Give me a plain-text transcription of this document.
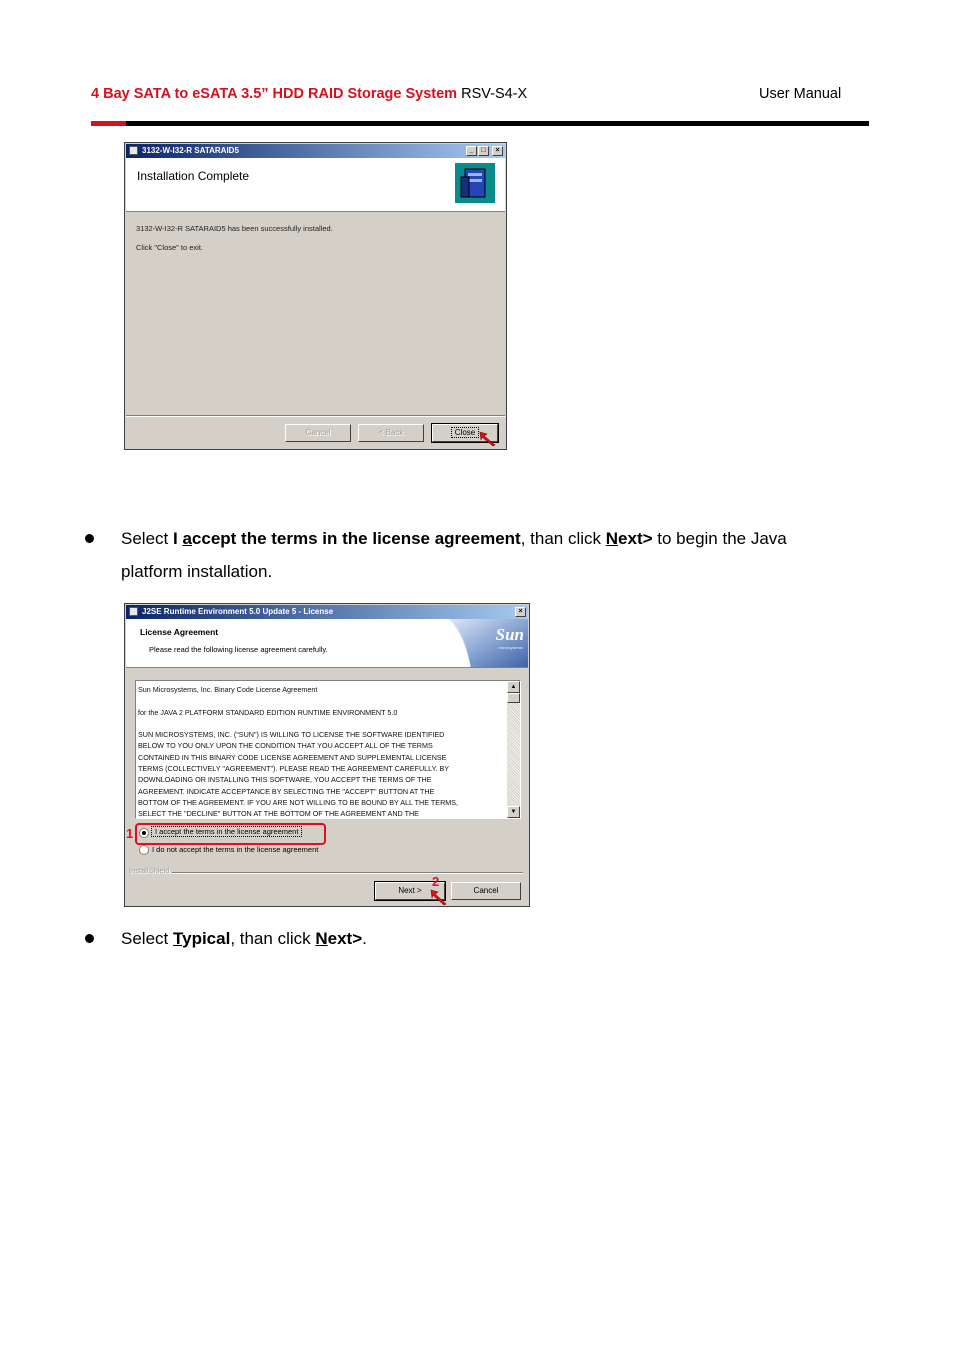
4 Bay SATA to eSATA 3.5” HDD RAID Storage System RSV-S4-X	User Manual
3132-W-I32-R SATARAID5	_	□	×
Installation Complete
3132-W-I32-R SATARAID5 has been successfully installed.
Click "Close" to exit.
Cancel	< Back	Close
Select I accept the terms in the license agreement, than click Next> to begin the Java
platform installation.
J2SE Runtime Environment 5.0 Update 5 - License	×
License Agreement
Please read the following license agreement carefully.
Sun
microsystems
Sun Microsystems, Inc. Binary Code License Agreement
for the JAVA 2 PLATFORM STANDARD EDITION RUNTIME ENVIRONMENT 5.0
SUN MICROSYSTEMS, INC. ("SUN") IS WILLING TO LICENSE THE SOFTWARE IDENTIFIED
BELOW TO YOU ONLY UPON THE CONDITION THAT YOU ACCEPT ALL OF THE TERMS
CONTAINED IN THIS BINARY CODE LICENSE AGREEMENT AND SUPPLEMENTAL LICENSE
TERMS (COLLECTIVELY "AGREEMENT"). PLEASE READ THE AGREEMENT CAREFULLY. BY
DOWNLOADING OR INSTALLING THIS SOFTWARE, YOU ACCEPT THE TERMS OF THE
AGREEMENT. INDICATE ACCEPTANCE BY SELECTING THE "ACCEPT" BUTTON AT THE
BOTTOM OF THE AGREEMENT. IF YOU ARE NOT WILLING TO BE BOUND BY ALL THE TERMS,
SELECT THE "DECLINE" BUTTON AT THE BOTTOM OF THE AGREEMENT AND THE
▲
▼
1	I accept the terms in the license agreement
I do not accept the terms in the license agreement
InstallShield
Next >	Cancel
2
Select Typical, than click Next>.
